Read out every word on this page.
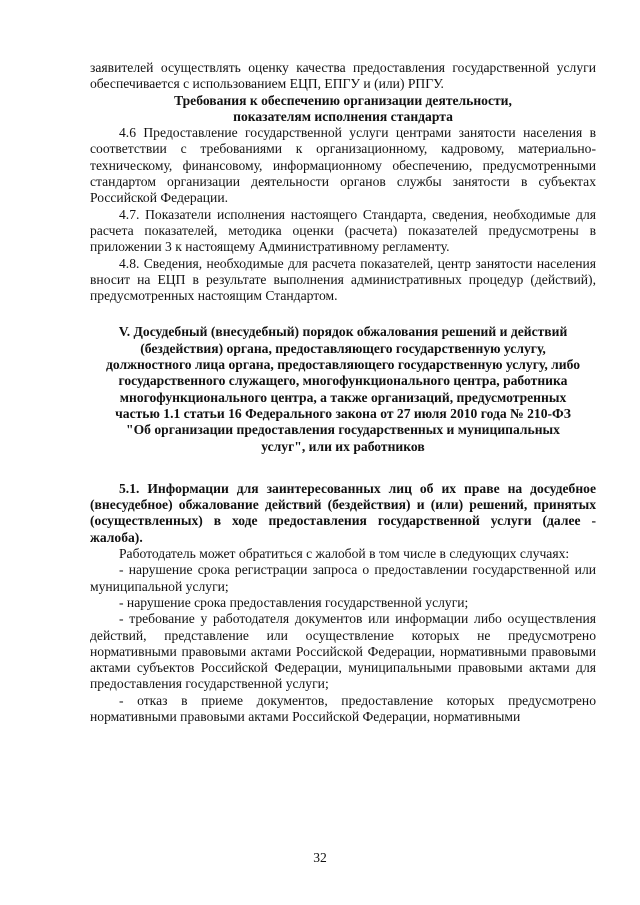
заявителей осуществлять оценку качества предоставления государственной услуги обеспечивается с использованием ЕЦП, ЕПГУ и (или) РПГУ.

Требования к обеспечению организации деятельности, показателям исполнения стандарта

4.6 Предоставление государственной услуги центрами занятости населения в соответствии с требованиями к организационному, кадровому, материально-техническому, финансовому, информационному обеспечению, предусмотренными стандартом организации деятельности органов службы занятости в субъектах Российской Федерации.

4.7. Показатели исполнения настоящего Стандарта, сведения, необходимые для расчета показателей, методика оценки (расчета) показателей предусмотрены в приложении 3 к настоящему Административному регламенту.

4.8. Сведения, необходимые для расчета показателей, центр занятости населения вносит на ЕЦП в результате выполнения административных процедур (действий), предусмотренных настоящим Стандартом.

V. Досудебный (внесудебный) порядок обжалования решений и действий (бездействия) органа, предоставляющего государственную услугу, должностного лица органа, предоставляющего государственную услугу, либо государственного служащего, многофункционального центра, работника многофункционального центра, а также организаций, предусмотренных частью 1.1 статьи 16 Федерального закона от 27 июля 2010 года № 210-ФЗ "Об организации предоставления государственных и муниципальных услуг", или их работников

5.1. Информации для заинтересованных лиц об их праве на досудебное (внесудебное) обжалование действий (бездействия) и (или) решений, принятых (осуществленных) в ходе предоставления государственной услуги (далее - жалоба).

Работодатель может обратиться с жалобой в том числе в следующих случаях:

- нарушение срока регистрации запроса о предоставлении государственной или муниципальной услуги;

- нарушение срока предоставления государственной услуги;

- требование у работодателя документов или информации либо осуществления действий, представление или осуществление которых не предусмотрено нормативными правовыми актами Российской Федерации, нормативными правовыми актами субъектов Российской Федерации, муниципальными правовыми актами для предоставления государственной услуги;

- отказ в приеме документов, предоставление которых предусмотрено нормативными правовыми актами Российской Федерации, нормативными

32
